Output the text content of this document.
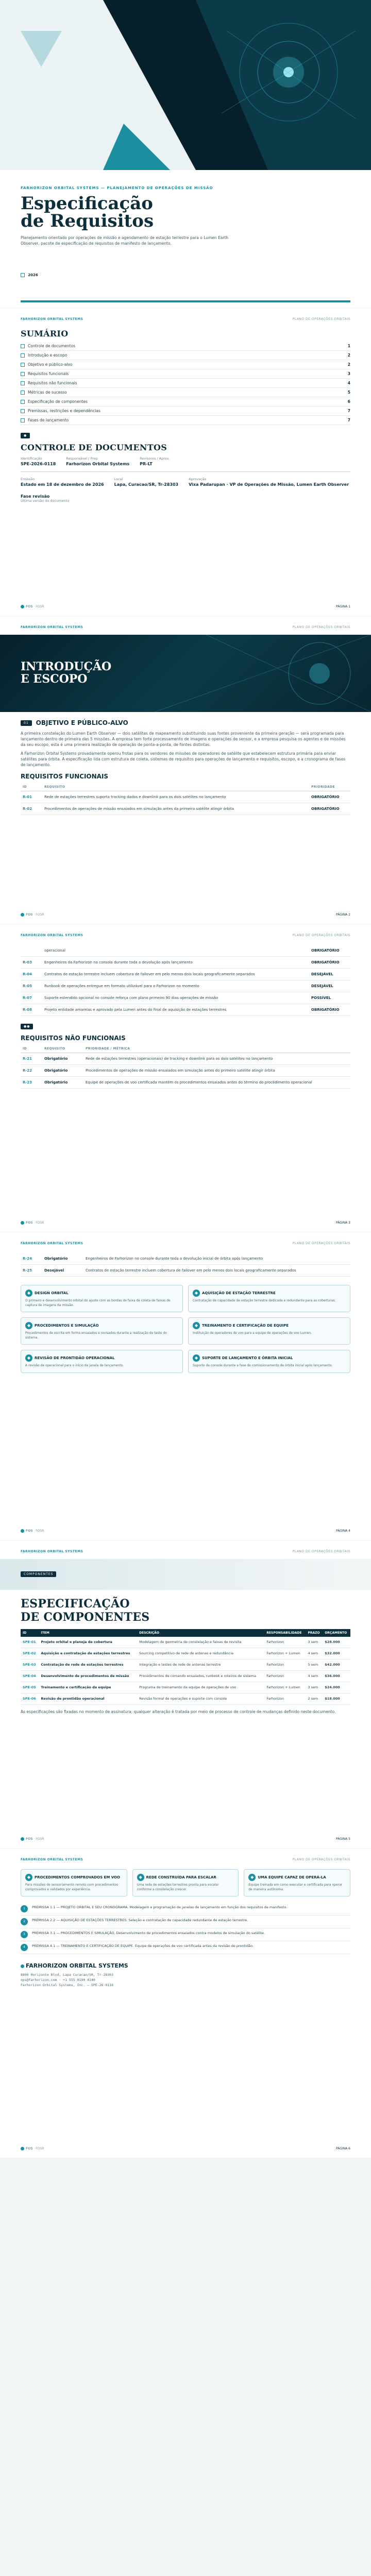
FARHORIZON ORBITAL SYSTEMS — PLANEJAMENTO DE OPERAÇÕES DE MISSÃO
Especificação
de Requisitos

Planejamento orientado por operações de missão e agendamento de estação terrestre para o Lumen Earth Observer, pacote de especificação de requisitos de manifesto de lançamento.

2026
FARHORIZON ORBITAL SYSTEMS	PLANO DE OPERAÇÕES ORBITAIS
SUMÁRIO
Controle de documentos	1
Introdução e escopo	2
Objetivo e público-alvo	2
Requisitos funcionais	3
Requisitos não funcionais	4
Métricas de sucesso	5
Especificação de componentes	6
Premissas, restrições e dependências	7
Fases de lançamento	7
●
CONTROLE DE DOCUMENTOS
Identificação
SPE-2026-0118
Responsável / Prep
Farhorizon Orbital Systems
Revisores / Aprov.
PR-LT
Emissão
Estado em 18 de dezembro de 2026
Local
Lapa, Curacao/SR, Tr-28303
Aprovação
Vixa Padarupan · VP de Operações de Missão, Lumen Earth Observer
Fase revisão
Última versão do documento
FOS · FOSR	PÁGINA 1
FARHORIZON ORBITAL SYSTEMS	PLANO DE OPERAÇÕES ORBITAIS
INTRODUÇÃO
E ESCOPO
01	OBJETIVO E PÚBLICO-ALVO

A primeira constelação do Lumen Earth Observer — dois satélites de mapeamento substituindo suas fontes proveniente da primeira geração — será programada para lançamento dentro de primeira das 5 missões. A empresa tem forte processamento de imagens e operações de sensor, e a empresa pesquisa os agentes e de missões da seu escopo, esta é uma primeira realização de operação de ponta-a-ponta, de fontes distintas.

A Farhorizon Orbital Systems provadamente operou frotas para os vendores de missões de operadores de satélite que estabelecem estrutura primária para enviar satélites para órbita. A especificação lida com estrutura de coleta, sistemas de requisitos para operações de lançamento e requisitos, escopo, e a cronograma de fases de lançamento.

REQUISITOS FUNCIONAIS
ID	REQUISITO	PRIORIDADE
R-01	Rede de estações terrestres suporta tracking dados e downlink para os dois satélites no lançamento	OBRIGATÓRIO
R-02	Procedimentos de operações de missão ensaiados em simulação antes da primeira satélite atingir órbita	OBRIGATÓRIO
FOS · FOSR	PÁGINA 2
FARHORIZON ORBITAL SYSTEMS	PLANO DE OPERAÇÕES ORBITAIS
	operacional	OBRIGATÓRIO
R-03	Engenheiros da Farhorizon na consola durante toda a devolução após lançamento	OBRIGATÓRIO
R-04	Contratos de estação terrestre incluem cobertura de failover em pelo menos dois locais geograficamente separados	DESEJÁVEL
R-05	Runbook de operações entregue em formato utilizável para o Farhorizon no momento	DESEJÁVEL
R-07	Suporte estendido opcional no console reforça com plano primeiro 90 dias operações de missão	POSSÍVEL
R-08	Projeto entidade amarelas e aprovado pela Lumen antes do final de aquisição de estações terrestres	OBRIGATÓRIO
●●
REQUISITOS NÃO FUNCIONAIS
ID	REQUISITO	PRIORIDADE / MÉTRICA
R-21	Obrigatório	Rede de estações terrestres (operacionais) de tracking e downlink para os dois satélites no lançamento
R-22	Obrigatório	Procedimentos de operações de missão ensaiados em simulação antes do primeiro satélite atingir órbita
R-23	Obrigatório	Equipe de operações de voo certificada mantém os procedimentos ensaiados antes do término do procedimento operacional
FOS · FOSR	PÁGINA 3
FARHORIZON ORBITAL SYSTEMS	PLANO DE OPERAÇÕES ORBITAIS
R-24	Obrigatório	Engenheiros de Farhorizon no console durante toda a devolução inicial de órbita após lançamento
R-25	Desejável	Contratos de estação terrestre incluem cobertura de failover em pelo menos dois locais geograficamente separados
◆ DESIGN ORBITAL
O primeiro e desenvolvimento orbital do ajuste com as bordas de faixa de coleta de faixas de captura de imagens da missão.
◆ AQUISIÇÃO DE ESTAÇÃO TERRESTRE
Contratação de capacidade de estação terrestre dedicada e redundante para as coberturas.
◆ PROCEDIMENTOS E SIMULAÇÃO
Procedimentos de escrita em forma ensaiados e revisados durante a realização de teste do sistema.
◆ TREINAMENTO E CERTIFICAÇÃO DE EQUIPE
Instituição de operadores de voo para a equipe de operações de voo Lumen.
◆ REVISÃO DE PRONTIDÃO OPERACIONAL
A revisão de operacional para o início da janela de lançamento.
◆ SUPORTE DE LANÇAMENTO E ÓRBITA INICIAL
Suporte de console durante a fase de comissionamento de órbita inicial após lançamento.
FOS · FOSR	PÁGINA 4
FARHORIZON ORBITAL SYSTEMS	PLANO DE OPERAÇÕES ORBITAIS
COMPONENTES
ESPECIFICAÇÃO
DE COMPONENTES
ID	ITEM	DESCRIÇÃO	RESPONSABILIDADE	PRAZO	ORÇAMENTO
SPE-01	Projeto orbital e planeja de cobertura	Modelagem de geometria de constelação e faixas de revisita	Farhorizon	3 sem	$28.000
SPE-02	Aquisição e contratação de estações terrestres	Sourcing competitivo de rede de antenas e redundância	Farhorizon + Lumen	4 sem	$32.000
SPE-03	Contratação de rede de estações terrestres	Integração e testes de rede de antenas terrestre	Farhorizon	5 sem	$42.000
SPE-04	Desenvolvimento de procedimentos de missão	Procedimentos de comando ensaiados, runbook e roteiros de sistema	Farhorizon	4 sem	$36.000
SPE-05	Treinamento e certificação da equipe	Programa de treinamento da equipe de operações de voo	Farhorizon + Lumen	3 sem	$24.000
SPE-06	Revisão de prontidão operacional	Revisão formal de operações e suporte com console	Farhorizon	2 sem	$18.000

As especificações são fixadas no momento de assinatura; qualquer alteração é tratada por meio de processo de controle de mudanças definido neste documento.

FOS · FOSR	PÁGINA 5
FARHORIZON ORBITAL SYSTEMS	PLANO DE OPERAÇÕES ORBITAIS
◆ PROCEDIMENTOS COMPROVADOS EM VOO
Para missões de sensoriamento remoto com procedimentos comprovados e validados por experiência.
◆ REDE CONSTRUÍDA PARA ESCALAR
Uma rede de estações terrestres pronta para escalar conforme a constelação crescer.
◆ UMA EQUIPE CAPAZ DE OPERÁ-LA
Equipe treinada em como executar e certificada para operar de maneira autônoma.
1	PREMISSA 1.1 — PROJETO ORBITAL E SEU CRONOGRAMA. Modelagem e programação de janelas de lançamento em função dos requisitos de manifesto.
2	PREMISSA 2.2 — AQUISIÇÃO DE ESTAÇÕES TERRESTRES. Seleção e contratação de capacidade redundante de estação terrestre.
3	PREMISSA 3.1 — PROCEDIMENTOS E SIMULAÇÃO. Desenvolvimento de procedimentos ensaiados contra modelos de simulação do satélite.
4	PREMISSA 4.1 — TREINAMENTO E CERTIFICAÇÃO DE EQUIPE. Equipe de operações de voo certificada antes da revisão de prontidão.
FARHORIZON ORBITAL SYSTEMS
8800 Horizonte Blvd, Lapa Curacao/SR, Tr-28303
ops@farhorizon.com · +1 555 0190 4140
Farhorizon Orbital Systems, Inc. — SPE-26-0118
FOS · FOSR	PÁGINA 6
